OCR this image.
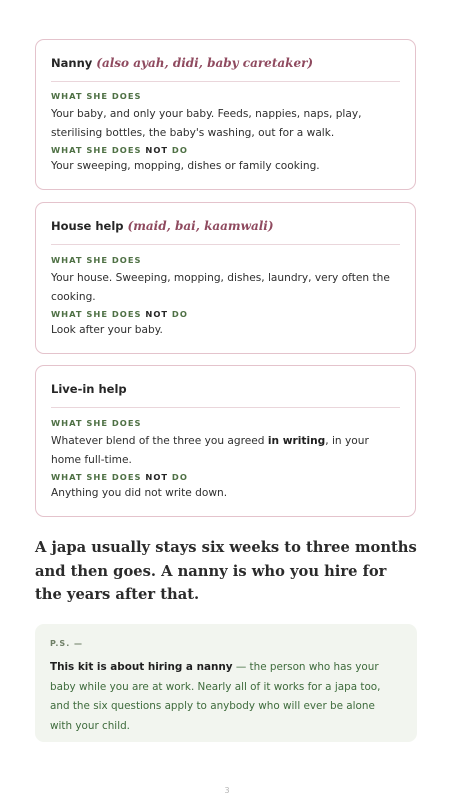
Nanny (also ayah, didi, baby caretaker)

WHAT SHE DOES

Your baby, and only your baby. Feeds, nappies, naps, play, sterilising bottles, the baby's washing, out for a walk.

WHAT SHE DOES NOT DO

Your sweeping, mopping, dishes or family cooking.

House help (maid, bai, kaamwali)

WHAT SHE DOES

Your house. Sweeping, mopping, dishes, laundry, very often the cooking.

WHAT SHE DOES NOT DO

Look after your baby.

Live-in help

WHAT SHE DOES

Whatever blend of the three you agreed in writing, in your home full-time.

WHAT SHE DOES NOT DO

Anything you did not write down.

A japa usually stays six weeks to three months and then goes. A nanny is who you hire for the years after that.

P.S. —

This kit is about hiring a nanny — the person who has your baby while you are at work. Nearly all of it works for a japa too, and the six questions apply to anybody who will ever be alone with your child.

3
